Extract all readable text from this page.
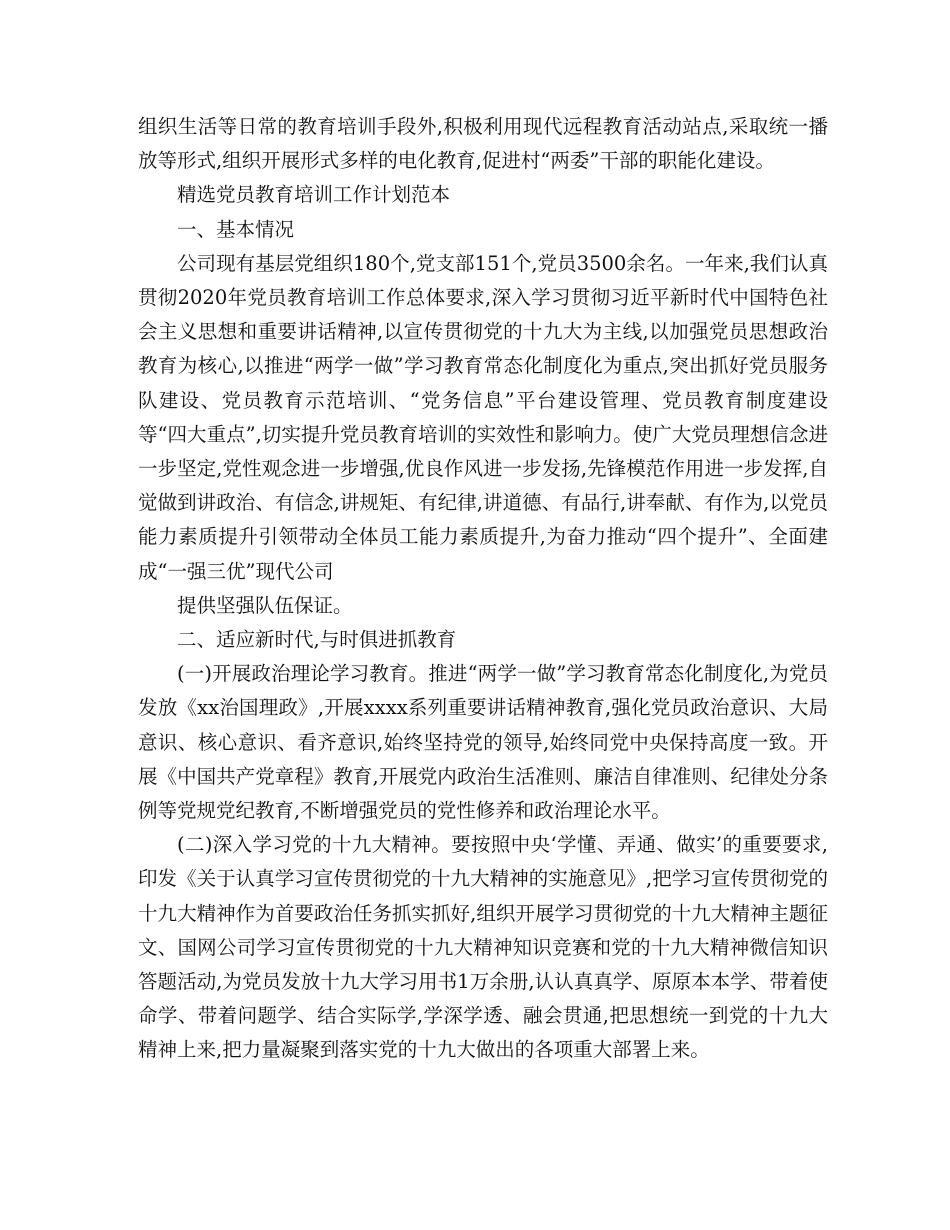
组织生活等日常的教育培训手段外,积极利用现代远程教育活动站点,采取统一播放等形式,组织开展形式多样的电化教育,促进村“两委”干部的职能化建设。

精选党员教育培训工作计划范本

一、基本情况

公司现有基层党组织180个,党支部151个,党员3500余名。一年来,我们认真贯彻2020年党员教育培训工作总体要求,深入学习贯彻习近平新时代中国特色社会主义思想和重要讲话精神,以宣传贯彻党的十九大为主线,以加强党员思想政治教育为核心,以推进“两学一做”学习教育常态化制度化为重点,突出抓好党员服务队建设、党员教育示范培训、“党务信息”平台建设管理、党员教育制度建设等“四大重点”,切实提升党员教育培训的实效性和影响力。使广大党员理想信念进一步坚定,党性观念进一步增强,优良作风进一步发扬,先锋模范作用进一步发挥,自觉做到讲政治、有信念,讲规矩、有纪律,讲道德、有品行,讲奉献、有作为,以党员能力素质提升引领带动全体员工能力素质提升,为奋力推动“四个提升”、全面建成“一强三优”现代公司

提供坚强队伍保证。

二、适应新时代,与时俱进抓教育

(一)开展政治理论学习教育。推进“两学一做”学习教育常态化制度化,为党员发放《xx治国理政》,开展xxxx系列重要讲话精神教育,强化党员政治意识、大局意识、核心意识、看齐意识,始终坚持党的领导,始终同党中央保持高度一致。开展《中国共产党章程》教育,开展党内政治生活准则、廉洁自律准则、纪律处分条例等党规党纪教育,不断增强党员的党性修养和政治理论水平。

(二)深入学习党的十九大精神。要按照中央‘学懂、弄通、做实’的重要要求,印发《关于认真学习宣传贯彻党的十九大精神的实施意见》,把学习宣传贯彻党的十九大精神作为首要政治任务抓实抓好,组织开展学习贯彻党的十九大精神主题征文、国网公司学习宣传贯彻党的十九大精神知识竞赛和党的十九大精神微信知识答题活动,为党员发放十九大学习用书1万余册,认认真真学、原原本本学、带着使命学、带着问题学、结合实际学,学深学透、融会贯通,把思想统一到党的十九大精神上来,把力量凝聚到落实党的十九大做出的各项重大部署上来。
